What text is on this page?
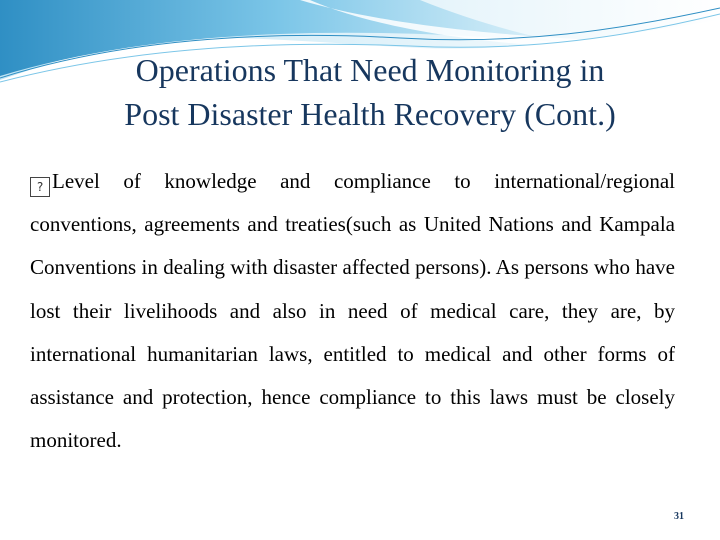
Operations That Need Monitoring in
Post Disaster Health Recovery (Cont.)

? Level of knowledge and compliance to international/regional conventions, agreements and treaties(such as United Nations and Kampala Conventions in dealing with disaster affected persons). As persons who have lost their livelihoods and also in need of medical care, they are, by international humanitarian laws, entitled to medical and other forms of assistance and protection, hence compliance to this laws must be closely monitored.

31
